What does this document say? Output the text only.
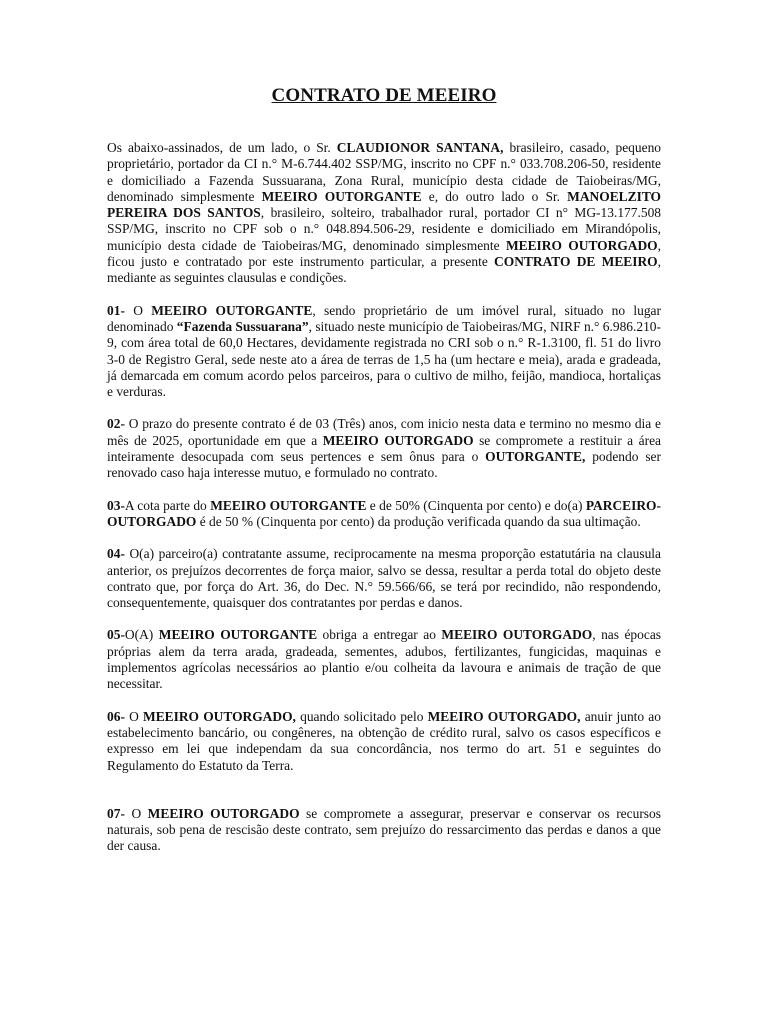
CONTRATO DE MEEIRO

Os abaixo-assinados, de um lado, o Sr. CLAUDIONOR SANTANA, brasileiro, casado, pequeno proprietário, portador da CI n.° M-6.744.402 SSP/MG, inscrito no CPF n.° 033.708.206-50, residente e domiciliado a Fazenda Sussuarana, Zona Rural, município desta cidade de Taiobeiras/MG, denominado simplesmente MEEIRO OUTORGANTE e, do outro lado o Sr. MANOELZITO PEREIRA DOS SANTOS, brasileiro, solteiro, trabalhador rural, portador CI n° MG-13.177.508 SSP/MG, inscrito no CPF sob o n.° 048.894.506-29, residente e domiciliado em Mirandópolis, município desta cidade de Taiobeiras/MG, denominado simplesmente MEEIRO OUTORGADO, ficou justo e contratado por este instrumento particular, a presente CONTRATO DE MEEIRO, mediante as seguintes clausulas e condições.

01- O MEEIRO OUTORGANTE, sendo proprietário de um imóvel rural, situado no lugar denominado “Fazenda Sussuarana”, situado neste município de Taiobeiras/MG, NIRF n.° 6.986.210-9, com área total de 60,0 Hectares, devidamente registrada no CRI sob o n.° R-1.3100, fl. 51 do livro 3-0 de Registro Geral, sede neste ato a área de terras de 1,5 ha (um hectare e meia), arada e gradeada, já demarcada em comum acordo pelos parceiros, para o cultivo de milho, feijão, mandioca, hortaliças e verduras.

02- O prazo do presente contrato é de 03 (Três) anos, com inicio nesta data e termino no mesmo dia e mês de 2025, oportunidade em que a MEEIRO OUTORGADO se compromete a restituir a área inteiramente desocupada com seus pertences e sem ônus para o OUTORGANTE, podendo ser renovado caso haja interesse mutuo, e formulado no contrato.

03-A cota parte do MEEIRO OUTORGANTE e de 50% (Cinquenta por cento) e do(a) PARCEIRO-OUTORGADO é de 50 % (Cinquenta por cento) da produção verificada quando da sua ultimação.

04- O(a) parceiro(a) contratante assume, reciprocamente na mesma proporção estatutária na clausula anterior, os prejuízos decorrentes de força maior, salvo se dessa, resultar a perda total do objeto deste contrato que, por força do Art. 36, do Dec. N.° 59.566/66, se terá por recindido, não respondendo, consequentemente, quaisquer dos contratantes por perdas e danos.

05-O(A) MEEIRO OUTORGANTE obriga a entregar ao MEEIRO OUTORGADO, nas épocas próprias alem da terra arada, gradeada, sementes, adubos, fertilizantes, fungicidas, maquinas e implementos agrícolas necessários ao plantio e/ou colheita da lavoura e animais de tração de que necessitar.

06- O MEEIRO OUTORGADO, quando solicitado pelo MEEIRO OUTORGADO, anuir junto ao estabelecimento bancário, ou congêneres, na obtenção de crédito rural, salvo os casos específicos e expresso em lei que independam da sua concordância, nos termo do art. 51 e seguintes do Regulamento do Estatuto da Terra.

07- O MEEIRO OUTORGADO se compromete a assegurar, preservar e conservar os recursos naturais, sob pena de rescisão deste contrato, sem prejuízo do ressarcimento das perdas e danos a que der causa.
